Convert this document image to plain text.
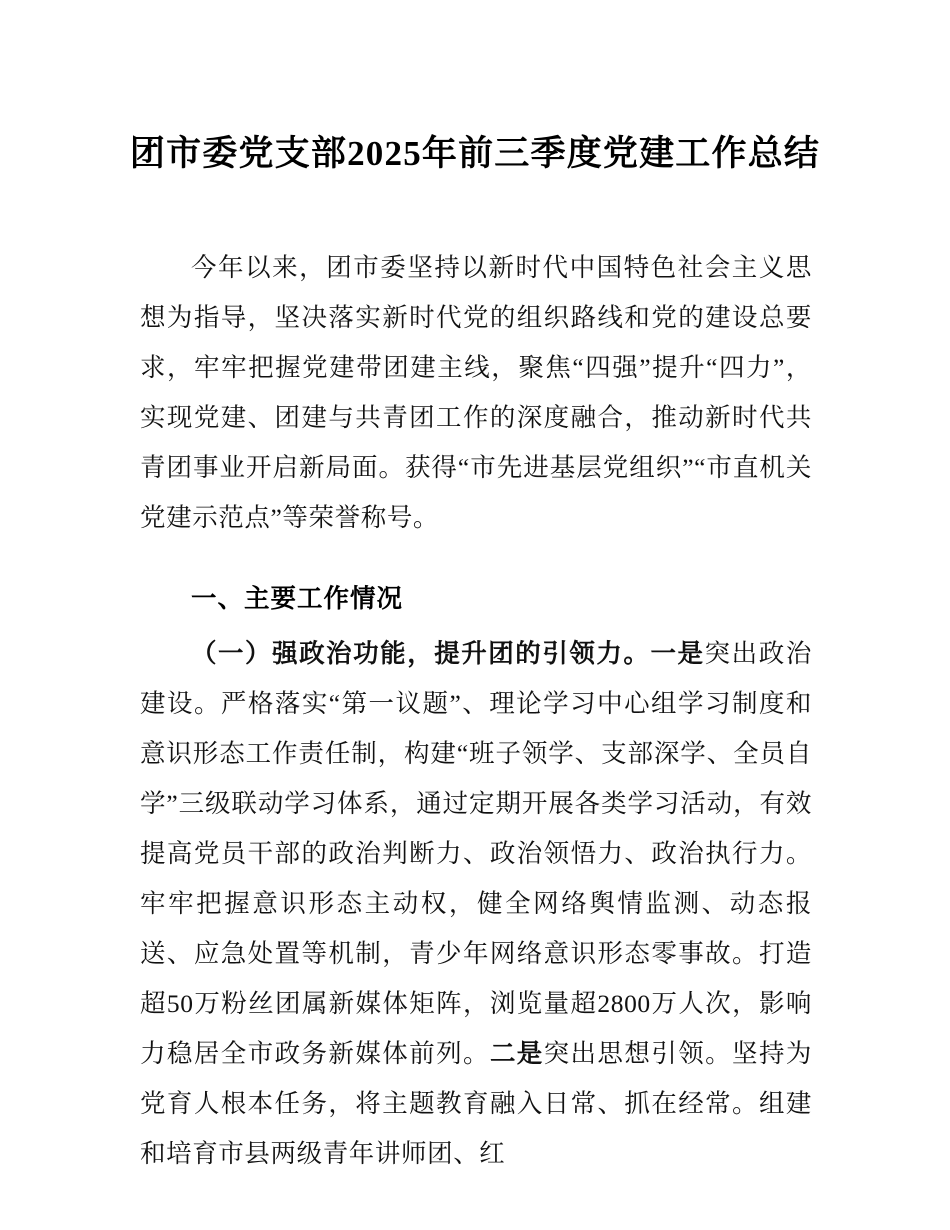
团市委党支部2025年前三季度党建工作总结

今年以来，团市委坚持以新时代中国特色社会主义思想为指导，坚决落实新时代党的组织路线和党的建设总要求，牢牢把握党建带团建主线，聚焦“四强”提升“四力”，实现党建、团建与共青团工作的深度融合，推动新时代共青团事业开启新局面。获得“市先进基层党组织”“市直机关党建示范点”等荣誉称号。

一、主要工作情况

（一）强政治功能，提升团的引领力。一是突出政治建设。严格落实“第一议题”、理论学习中心组学习制度和意识形态工作责任制，构建“班子领学、支部深学、全员自学”三级联动学习体系，通过定期开展各类学习活动，有效提高党员干部的政治判断力、政治领悟力、政治执行力。牢牢把握意识形态主动权，健全网络舆情监测、动态报送、应急处置等机制，青少年网络意识形态零事故。打造超50万粉丝团属新媒体矩阵，浏览量超2800万人次，影响力稳居全市政务新媒体前列。二是突出思想引领。坚持为党育人根本任务，将主题教育融入日常、抓在经常。组建和培育市县两级青年讲师团、红
